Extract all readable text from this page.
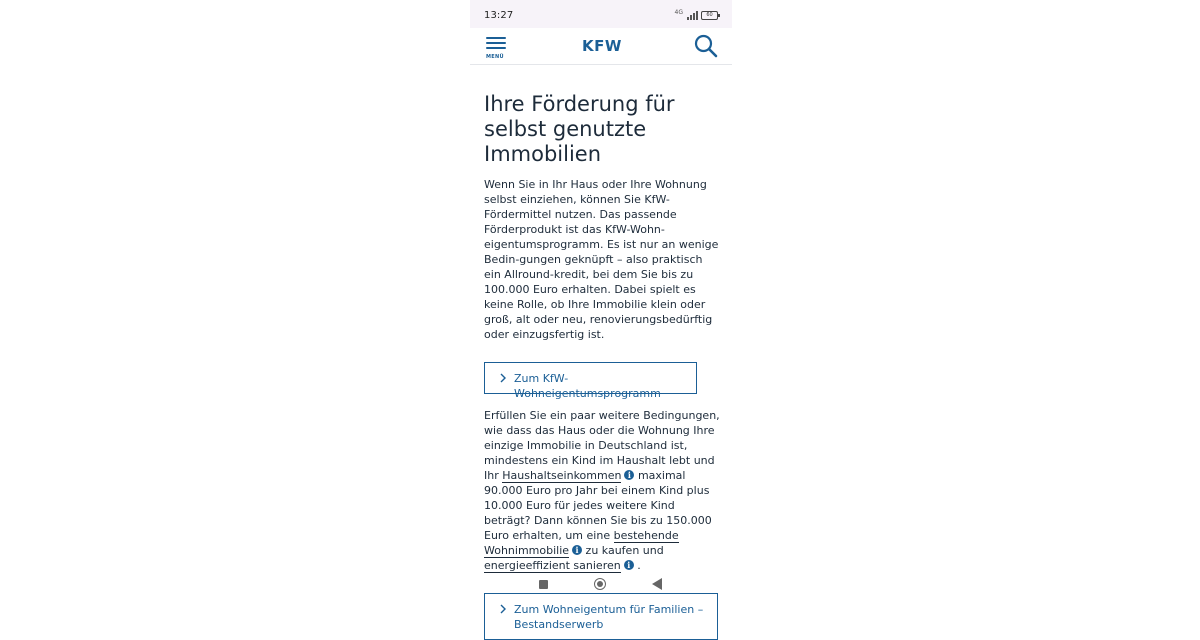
13:27	4G	60
MENÜ
KFW
Ihre Förderung für selbst genutzte Immobilien

Wenn Sie in Ihr Haus oder Ihre Wohnung selbst einziehen, können Sie KfW-Fördermittel nutzen. Das passende Förderprodukt ist das KfW-Wohn-eigentumsprogramm. Es ist nur an wenige Bedin-gungen geknüpft – also praktisch ein Allround-kredit, bei dem Sie bis zu 100.000 Euro erhalten. Dabei spielt es keine Rolle, ob Ihre Immobilie klein oder groß, alt oder neu, renovierungsbedürftig oder einzugsfertig ist.

Zum KfW-Wohneigentumsprogramm

Erfüllen Sie ein paar weitere Bedingungen, wie dass das Haus oder die Wohnung Ihre einzige Immobilie in Deutschland ist, mindestens ein Kind im Haushalt lebt und Ihr Haushaltseinkommen i maximal 90.000 Euro pro Jahr bei einem Kind plus 10.000 Euro für jedes weitere Kind beträgt? Dann können Sie bis zu 150.000 Euro erhalten, um eine bestehende Wohnimmobilie i zu kaufen und energieeffizient sanieren i .

Zum Wohneigentum für Familien – Bestandserwerb
